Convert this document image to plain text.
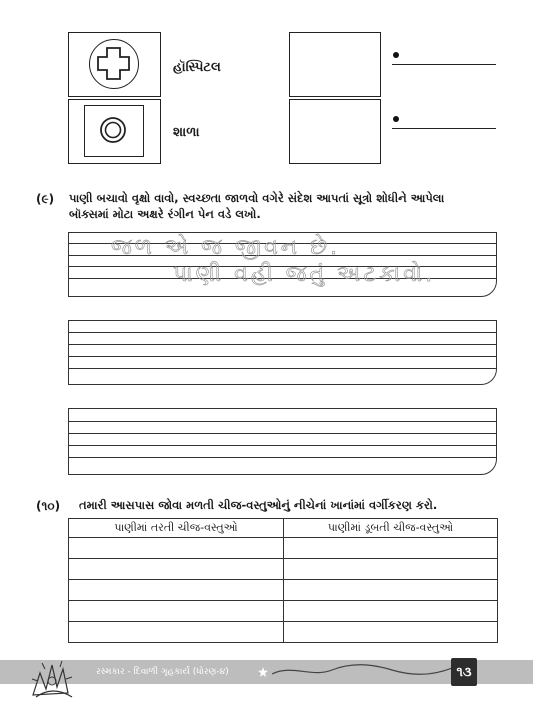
હૉસ્પિટલ
શાળા
(૯) પાણી બચાવો વૃક્ષો વાવો, સ્વચ્છતા જાળવો વગેરે સંદેશ આપતાં સૂત્રો શોધીને આપેલા
બૉક્સમાં મોટા અક્ષરે રંગીન પેન વડે લખો.
જળ એ જ જીવન છે.
પાણી વહી જતું અટકાવો.
(૧૦) તમારી આસપાસ જોવા મળતી ચીજ-વસ્તુઓનું નીચેનાં ખાનાંમાં વર્ગીકરણ કરો.
પાણીમાં તરતી ચીજ-વસ્તુઓ	પાણીમાં ડૂબતી ચીજ-વસ્તુઓ

રસ્મકાર - દિવાળી ગૃહકાર્ય (ધોરણ-૪)	૧૩
